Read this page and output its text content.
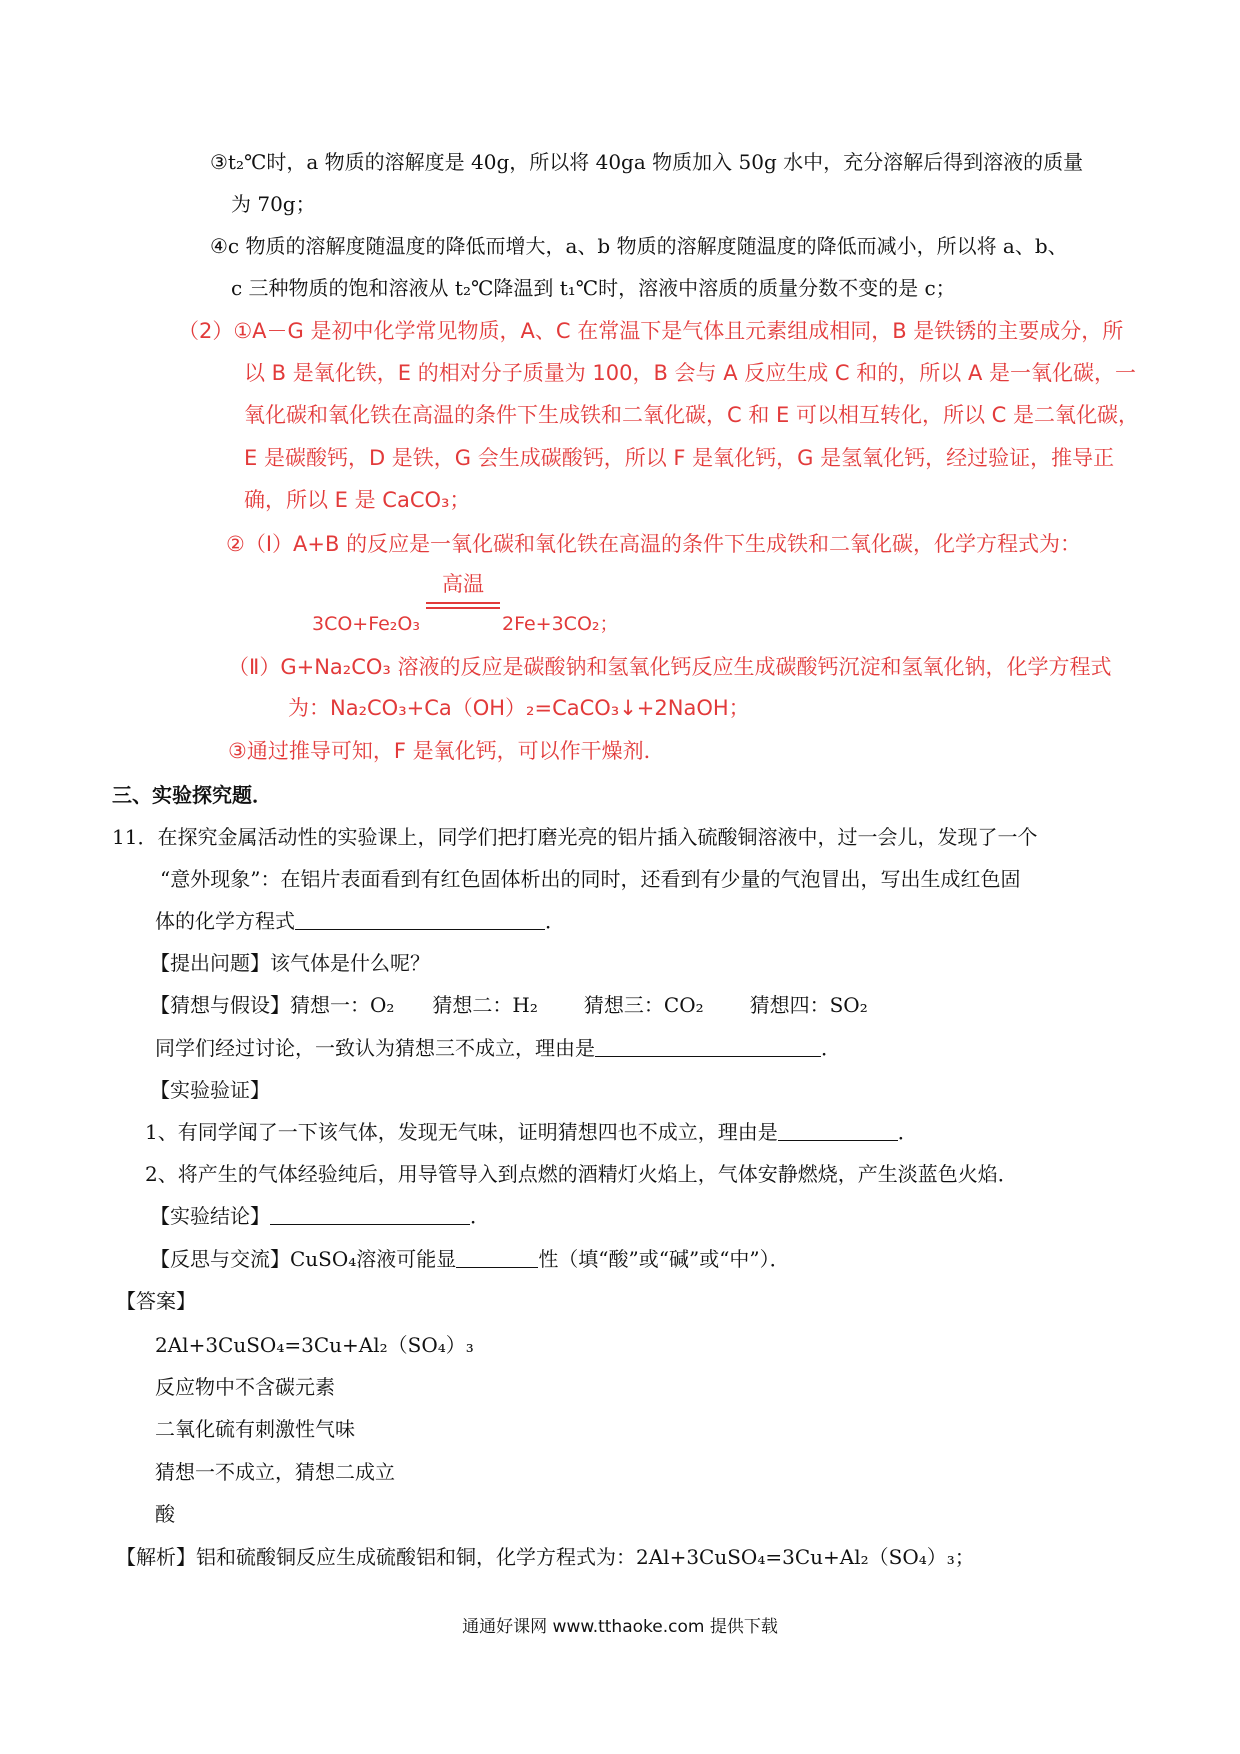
③t₂℃时，a 物质的溶解度是 40g，所以将 40ga 物质加入 50g 水中，充分溶解后得到溶液的质量
为 70g；
④c 物质的溶解度随温度的降低而增大，a、b 物质的溶解度随温度的降低而减小，所以将 a、b、
c 三种物质的饱和溶液从 t₂℃降温到 t₁℃时，溶液中溶质的质量分数不变的是 c；
（2）①A－G 是初中化学常见物质，A、C 在常温下是气体且元素组成相同，B 是铁锈的主要成分，所
以 B 是氧化铁，E 的相对分子质量为 100，B 会与 A 反应生成 C 和的，所以 A 是一氧化碳，一
氧化碳和氧化铁在高温的条件下生成铁和二氧化碳，C 和 E 可以相互转化，所以 C 是二氧化碳，
E 是碳酸钙，D 是铁，G 会生成碳酸钙，所以 F 是氧化钙，G 是氢氧化钙，经过验证，推导正
确，所以 E 是 CaCO₃；
②（Ⅰ）A+B 的反应是一氧化碳和氧化铁在高温的条件下生成铁和二氧化碳，化学方程式为：
高温
3CO+Fe₂O₃	2Fe+3CO₂；
（Ⅱ）G+Na₂CO₃ 溶液的反应是碳酸钠和氢氧化钙反应生成碳酸钙沉淀和氢氧化钠，化学方程式
为：Na₂CO₃+Ca（OH）₂=CaCO₃↓+2NaOH；
③通过推导可知，F 是氧化钙，可以作干燥剂．
三、实验探究题．
11．在探究金属活动性的实验课上，同学们把打磨光亮的铝片插入硫酸铜溶液中，过一会儿，发现了一个
“意外现象”：在铝片表面看到有红色固体析出的同时，还看到有少量的气泡冒出，写出生成红色固
体的化学方程式	．
【提出问题】该气体是什么呢？
【猜想与假设】猜想一：O₂ 猜想二：H₂ 猜想三：CO₂ 猜想四：SO₂
同学们经过讨论，一致认为猜想三不成立，理由是	．
【实验验证】
1、有同学闻了一下该气体，发现无气味，证明猜想四也不成立，理由是	．
2、将产生的气体经验纯后，用导管导入到点燃的酒精灯火焰上，气体安静燃烧，产生淡蓝色火焰．
【实验结论】	．
【反思与交流】CuSO₄溶液可能显	性（填“酸”或“碱”或“中”）．
【答案】
2Al+3CuSO₄=3Cu+Al₂（SO₄）₃
反应物中不含碳元素
二氧化硫有刺激性气味
猜想一不成立，猜想二成立
酸
【解析】铝和硫酸铜反应生成硫酸铝和铜，化学方程式为：2Al+3CuSO₄=3Cu+Al₂（SO₄）₃；
通通好课网 www.tthaoke.com 提供下载
